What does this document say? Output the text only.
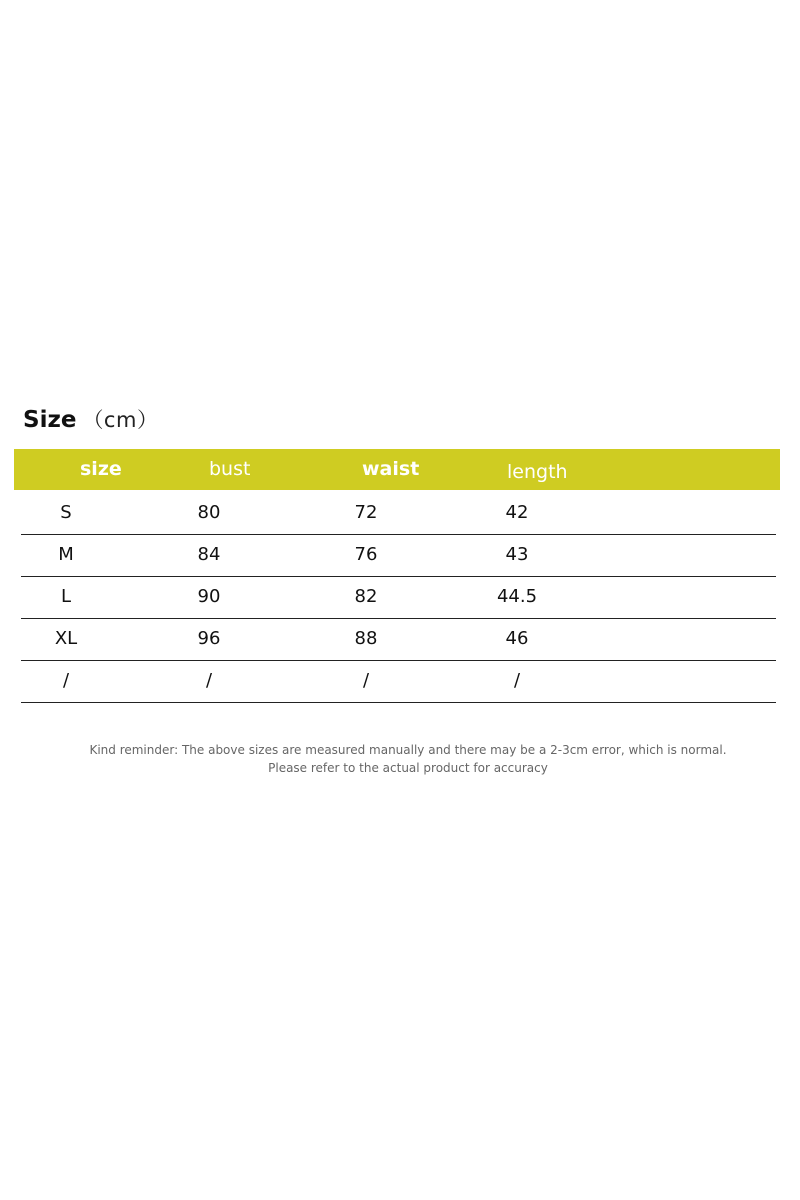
Size （cm）
size	bust	waist	length
S	80	72	42
M	84	76	43
L	90	82	44.5
XL	96	88	46
/	/	/	/
Kind reminder: The above sizes are measured manually and there may be a 2-3cm error, which is normal.
Please refer to the actual product for accuracy
